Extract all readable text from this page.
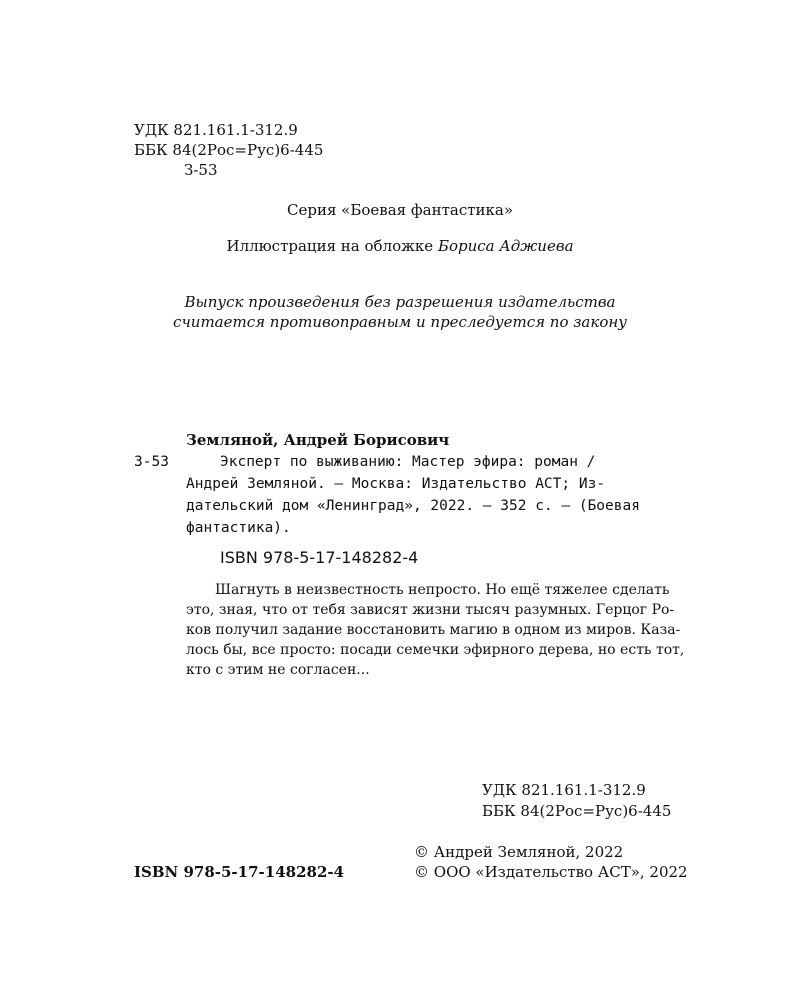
УДК 821.161.1-312.9
ББК 84(2Рос=Рус)6-445
З-53
Серия «Боевая фантастика»
Иллюстрация на обложке Бориса Аджиева
Выпуск произведения без разрешения издательства
считается противоправным и преследуется по закону
Земляной, Андрей Борисович
З-53	Эксперт по выживанию: Мастер эфира: роман /
Андрей Земляной. — Москва: Издательство АСТ; Из-
дательский дом «Ленинград», 2022. — 352 с. — (Боевая
фантастика).
ISBN 978-5-17-148282-4
Шагнуть в неизвестность непросто. Но ещё тяжелее сделать
это, зная, что от тебя зависят жизни тысяч разумных. Герцог Ро-
ков получил задание восстановить магию в одном из миров. Каза-
лось бы, все просто: посади семечки эфирного дерева, но есть тот,
кто с этим не согласен...
УДК 821.161.1-312.9
ББК 84(2Рос=Рус)6-445
© Андрей Земляной, 2022
© ООО «Издательство АСТ», 2022
ISBN 978-5-17-148282-4
